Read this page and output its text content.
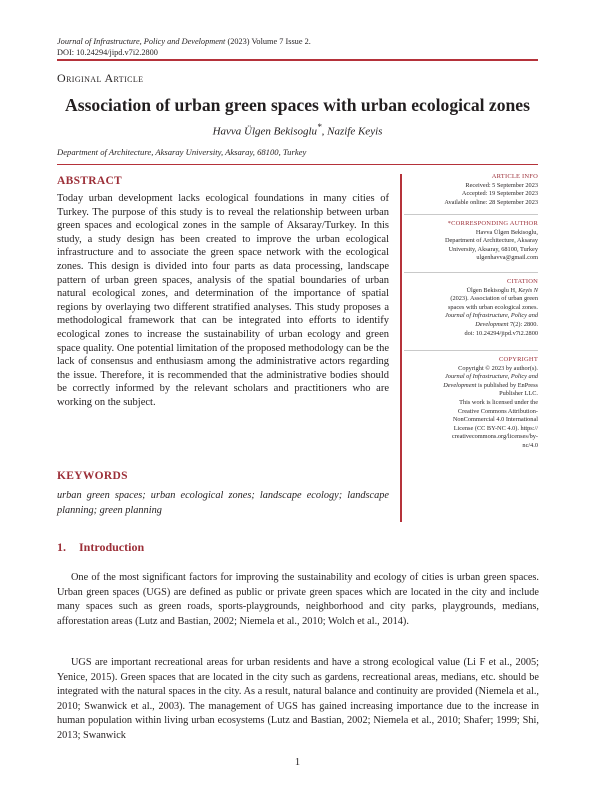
Journal of Infrastructure, Policy and Development (2023) Volume 7 Issue 2.
DOI: 10.24294/jipd.v7i2.2800
Original Article
Association of urban green spaces with urban ecological zones
Havva Ülgen Bekisoglu*, Nazife Keyis
Department of Architecture, Aksaray University, Aksaray, 68100, Turkey
ABSTRACT
Today urban development lacks ecological foundations in many cities of Turkey. The purpose of this study is to reveal the relationship between urban green spaces and ecological zones in the sample of Aksaray/Turkey. In this study, a study design has been created to improve the urban ecological infrastructure and to associate the green space network with the ecological zones. This design is divided into four parts as data processing, landscape pattern of urban green spaces, analysis of the spatial boundaries of urban natural ecological zones, and determination of the importance of spatial regions by overlaying two different stratified analyses. This study proposes a methodological framework that can be integrated into efforts to identify ecological zones to increase the sustainability of urban ecology and green space quality. One potential limitation of the proposed methodology can be the lack of consensus and enthusiasm among the administrative actors regarding the issue. Therefore, it is recommended that the administrative bodies should be correctly informed by the relevant scholars and practitioners who are working on the subject.
KEYWORDS
urban green spaces; urban ecological zones; landscape ecology; landscape planning; green planning
ARTICLE INFO
Received: 5 September 2023
Accepted: 19 September 2023
Available online: 28 September 2023
*CORRESPONDING AUTHOR
Havva Ülgen Bekisoglu,
Department of Architecture, Aksaray
University, Aksaray, 68100, Turkey
ulgenhavva@gmail.com
CITATION
Ülgen Bekisoglu H, Keyis N
(2023). Association of urban green
spaces with urban ecological zones.
Journal of Infrastructure, Policy and
Development 7(2): 2800.
doi: 10.24294/jipd.v7i2.2800
COPYRIGHT
Copyright © 2023 by author(s).
Journal of Infrastructure, Policy and
Development is published by EnPress
Publisher LLC.
This work is licensed under the
Creative Commons Attribution-
NonCommercial 4.0 International
License (CC BY-NC 4.0). https://
creativecommons.org/licenses/by-
nc/4.0
1. Introduction
One of the most significant factors for improving the sustainability and ecology of cities is urban green spaces. Urban green spaces (UGS) are defined as public or private green spaces which are located in the city and include many spaces such as green roads, sports-playgrounds, neighborhood and city parks, playgrounds, medians, afforestation areas (Lutz and Bastian, 2002; Niemela et al., 2010; Wolch et al., 2014).
UGS are important recreational areas for urban residents and have a strong ecological value (Li F et al., 2005; Yenice, 2015). Green spaces that are located in the city such as gardens, recreational areas, medians, etc. should be integrated with the natural spaces in the city. As a result, natural balance and continuity are provided (Niemela et al., 2010; Swanwick et al., 2003). The management of UGS has gained increasing importance due to the increase in human population within living urban ecosystems (Lutz and Bastian, 2002; Niemela et al., 2010; Shafer; 1999; Shi, 2013; Swanwick
1
